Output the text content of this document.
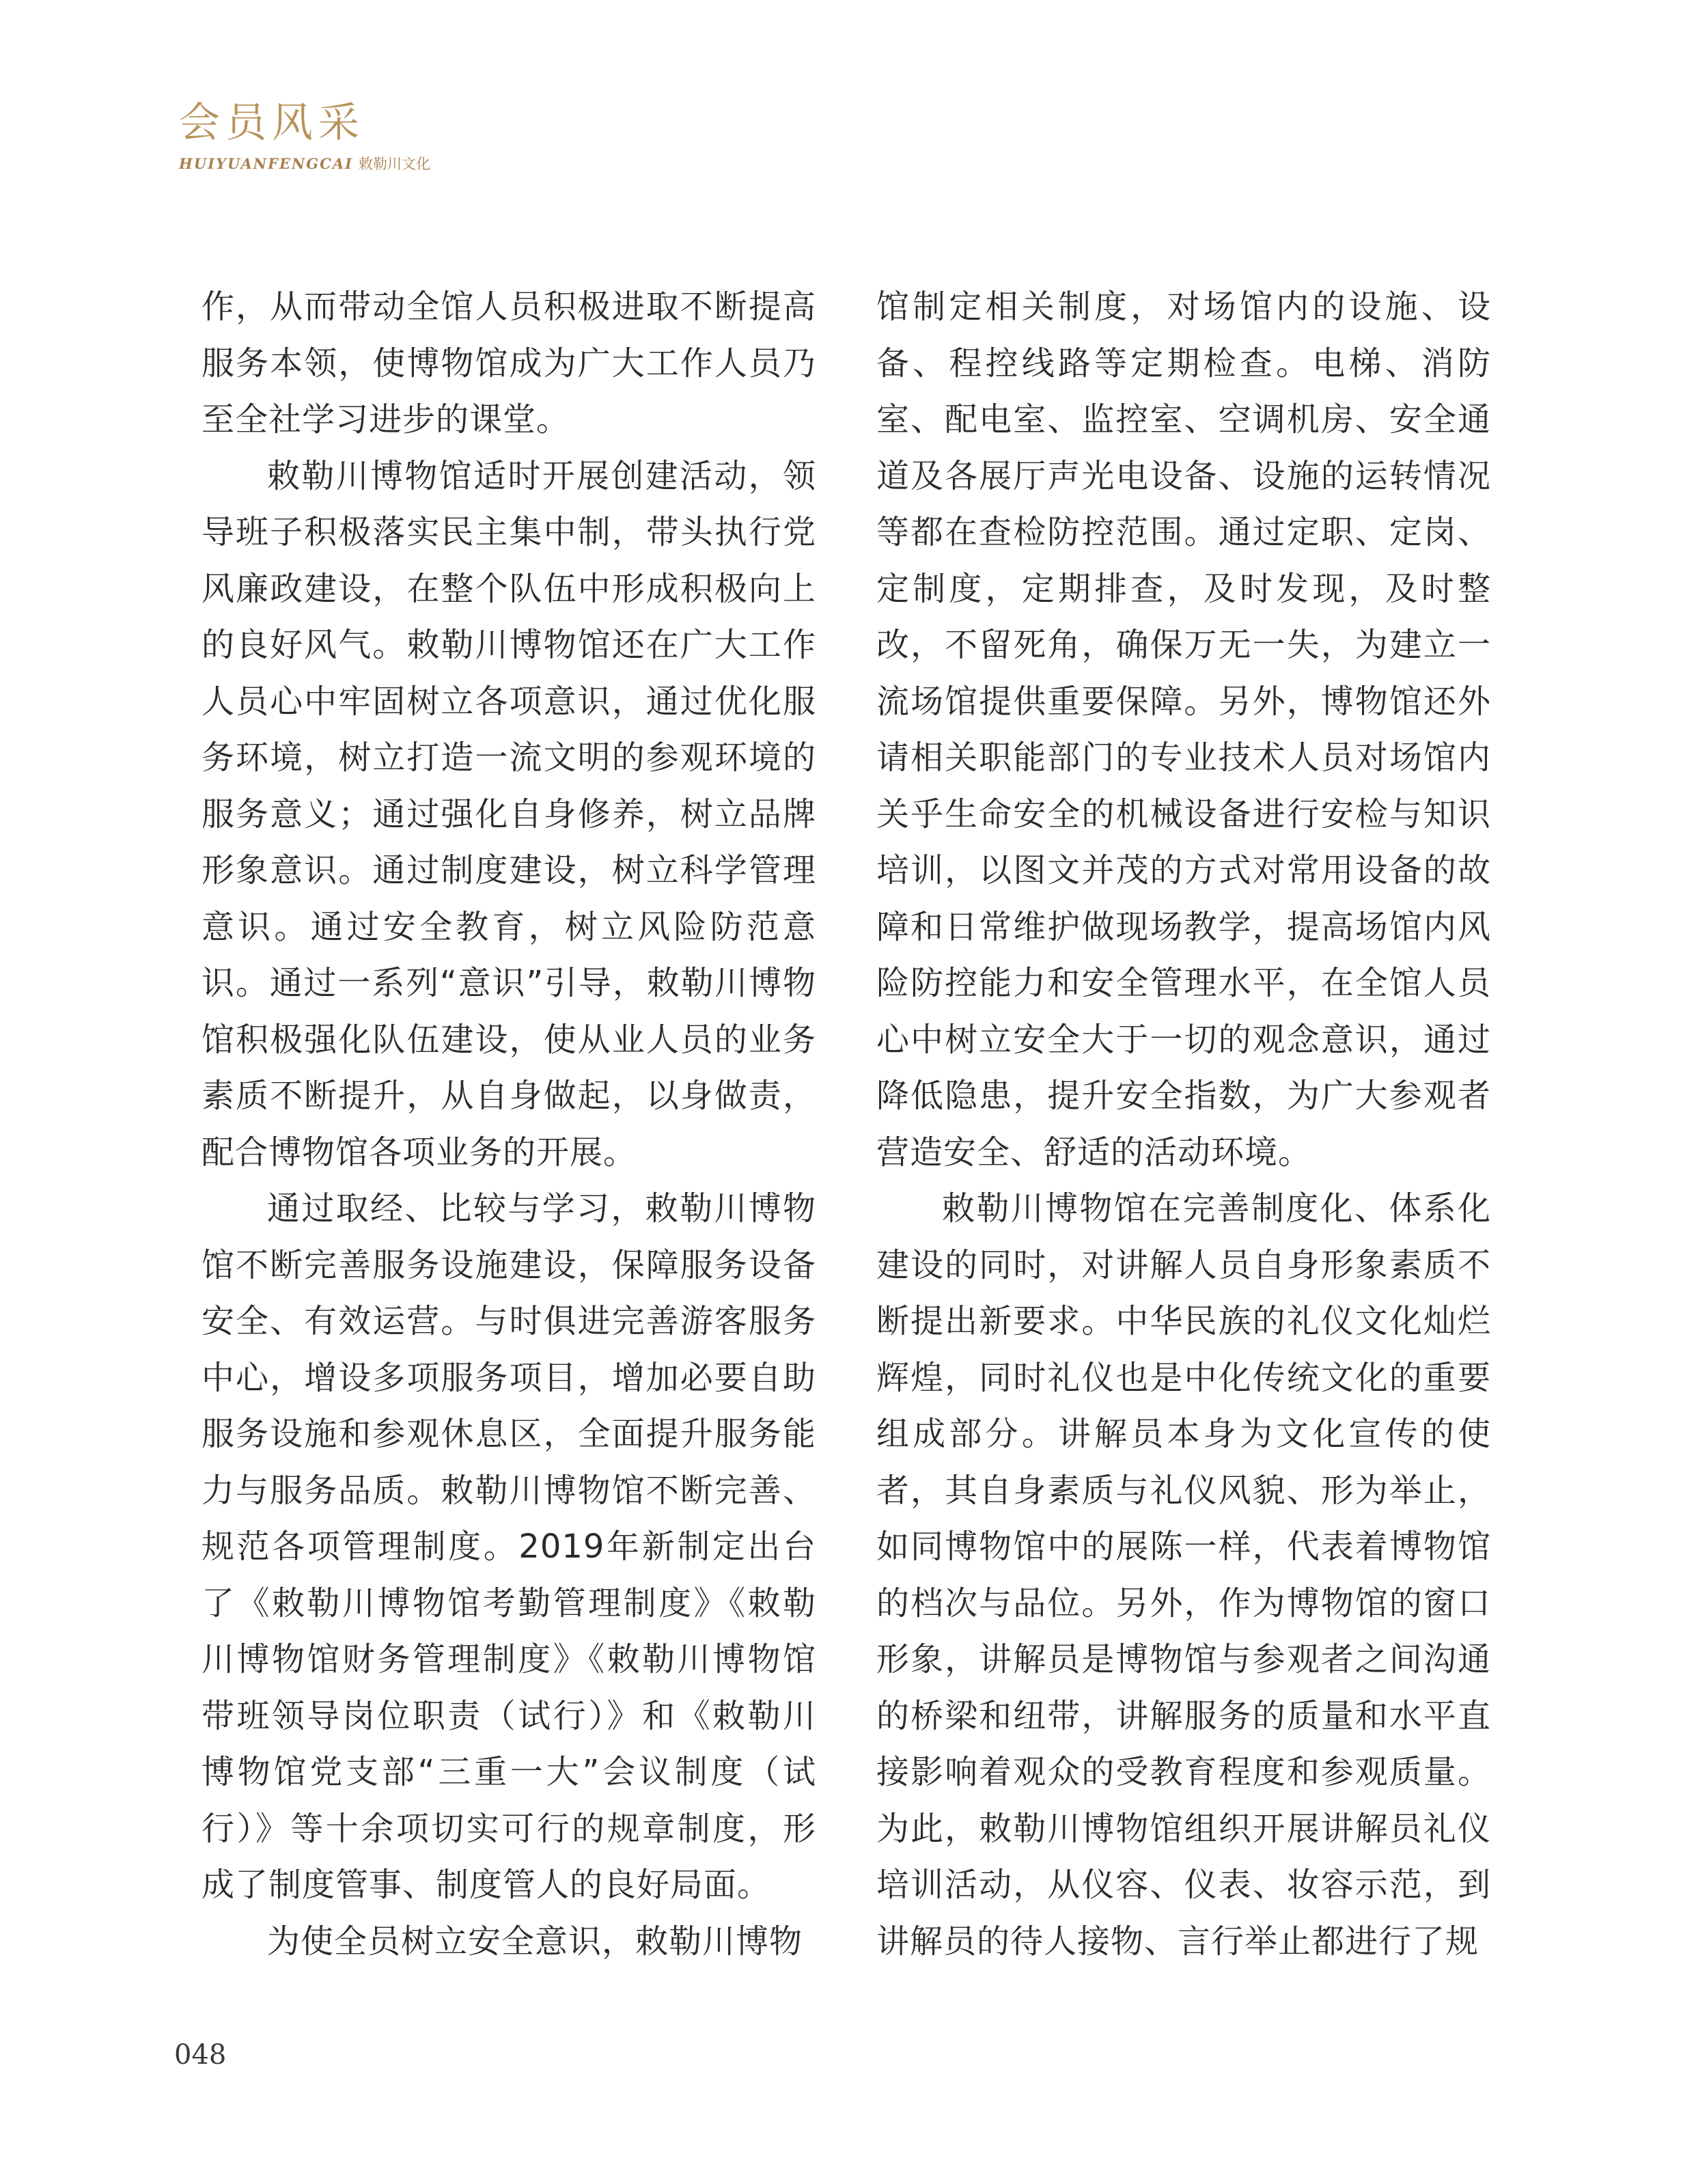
会员风采
HUIYUANFENGCAI 敕勒川文化

作，从而带动全馆人员积极进取不断提高服务本领，使博物馆成为广大工作人员乃至全社学习进步的课堂。

敕勒川博物馆适时开展创建活动，领导班子积极落实民主集中制，带头执行党风廉政建设，在整个队伍中形成积极向上的良好风气。敕勒川博物馆还在广大工作人员心中牢固树立各项意识，通过优化服务环境，树立打造一流文明的参观环境的服务意义；通过强化自身修养，树立品牌形象意识。通过制度建设，树立科学管理意识。通过安全教育，树立风险防范意识。通过一系列“意识”引导，敕勒川博物馆积极强化队伍建设，使从业人员的业务素质不断提升，从自身做起，以身做责，配合博物馆各项业务的开展。

通过取经、比较与学习，敕勒川博物馆不断完善服务设施建设，保障服务设备安全、有效运营。与时俱进完善游客服务中心，增设多项服务项目，增加必要自助服务设施和参观休息区，全面提升服务能力与服务品质。敕勒川博物馆不断完善、规范各项管理制度。2019年新制定出台了《敕勒川博物馆考勤管理制度》《敕勒川博物馆财务管理制度》《敕勒川博物馆带班领导岗位职责（试行）》和《敕勒川博物馆党支部“三重一大”会议制度（试行）》等十余项切实可行的规章制度，形成了制度管事、制度管人的良好局面。

为使全员树立安全意识，敕勒川博物

馆制定相关制度，对场馆内的设施、设备、程控线路等定期检查。电梯、消防室、配电室、监控室、空调机房、安全通道及各展厅声光电设备、设施的运转情况等都在查检防控范围。通过定职、定岗、定制度，定期排查，及时发现，及时整改，不留死角，确保万无一失，为建立一流场馆提供重要保障。另外，博物馆还外请相关职能部门的专业技术人员对场馆内关乎生命安全的机械设备进行安检与知识培训，以图文并茂的方式对常用设备的故障和日常维护做现场教学，提高场馆内风险防控能力和安全管理水平，在全馆人员心中树立安全大于一切的观念意识，通过降低隐患，提升安全指数，为广大参观者营造安全、舒适的活动环境。

敕勒川博物馆在完善制度化、体系化建设的同时，对讲解人员自身形象素质不断提出新要求。中华民族的礼仪文化灿烂辉煌，同时礼仪也是中化传统文化的重要组成部分。讲解员本身为文化宣传的使者，其自身素质与礼仪风貌、形为举止，如同博物馆中的展陈一样，代表着博物馆的档次与品位。另外，作为博物馆的窗口形象，讲解员是博物馆与参观者之间沟通的桥梁和纽带，讲解服务的质量和水平直接影响着观众的受教育程度和参观质量。为此，敕勒川博物馆组织开展讲解员礼仪培训活动，从仪容、仪表、妆容示范，到讲解员的待人接物、言行举止都进行了规

048
